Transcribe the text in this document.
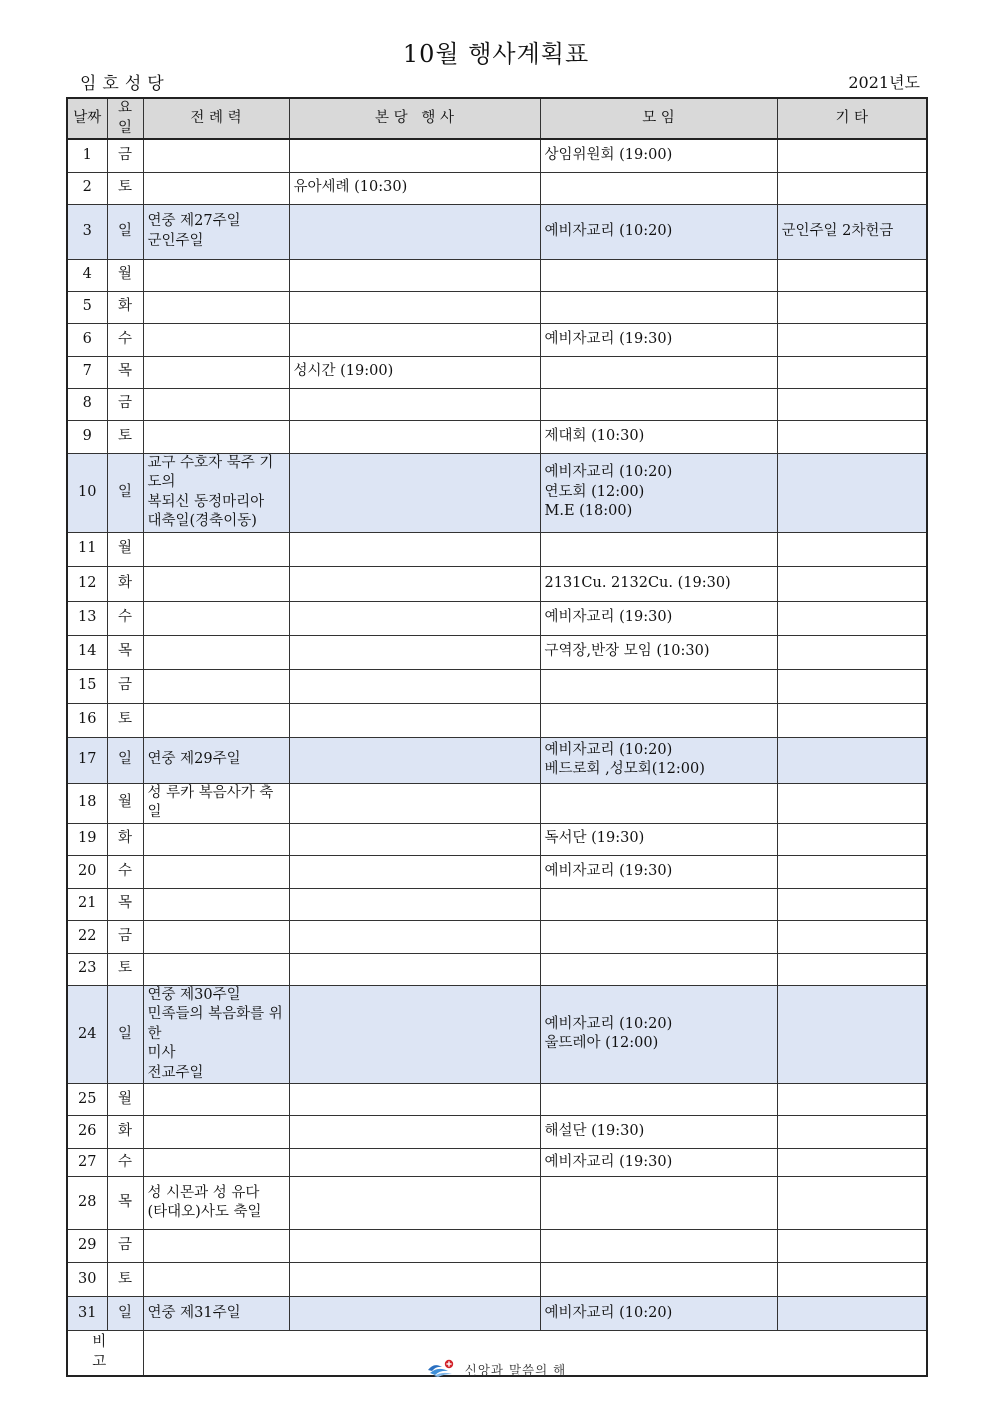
10월 행사계획표
임호성당	2021년도
날짜	요일	전 례 력	본 당   행 사	모 임	기 타
1	금			상임위원회 (19:00)	

2	토		유아세례 (10:30)		

3	일	연중 제27주일
군인주일		예비자교리 (10:20)	군인주일 2차헌금

4	월				
5	화				
6	수			예비자교리 (19:30)	

7	목		성시간 (19:00)		

8	금				
9	토			제대회 (10:30)	

10	일	교구 수호자 묵주 기도의
복되신 동정마리아
대축일(경축이동)		예비자교리 (10:20)
연도회 (12:00)
M.E (18:00)	

11	월				
12	화			2131Cu. 2132Cu. (19:30)	

13	수			예비자교리 (19:30)	

14	목			구역장,반장 모임 (10:30)	

15	금				
16	토				
17	일	연중 제29주일		예비자교리 (10:20)
베드로회 ,성모회(12:00)	

18	월	성 루카 복음사가 축일			

19	화			독서단 (19:30)	

20	수			예비자교리 (19:30)	

21	목				
22	금				
23	토				
24	일	연중 제30주일
민족들의 복음화를 위한
미사
전교주일		예비자교리 (10:20)
울뜨레아 (12:00)	

25	월				
26	화			해설단 (19:30)	

27	수			예비자교리 (19:30)	

28	목	성 시몬과 성 유다
(타대오)사도 축일			

29	금				
30	토				
31	일	연중 제31주일		예비자교리 (10:20)	

비 고					
신앙과 말씀의 해
